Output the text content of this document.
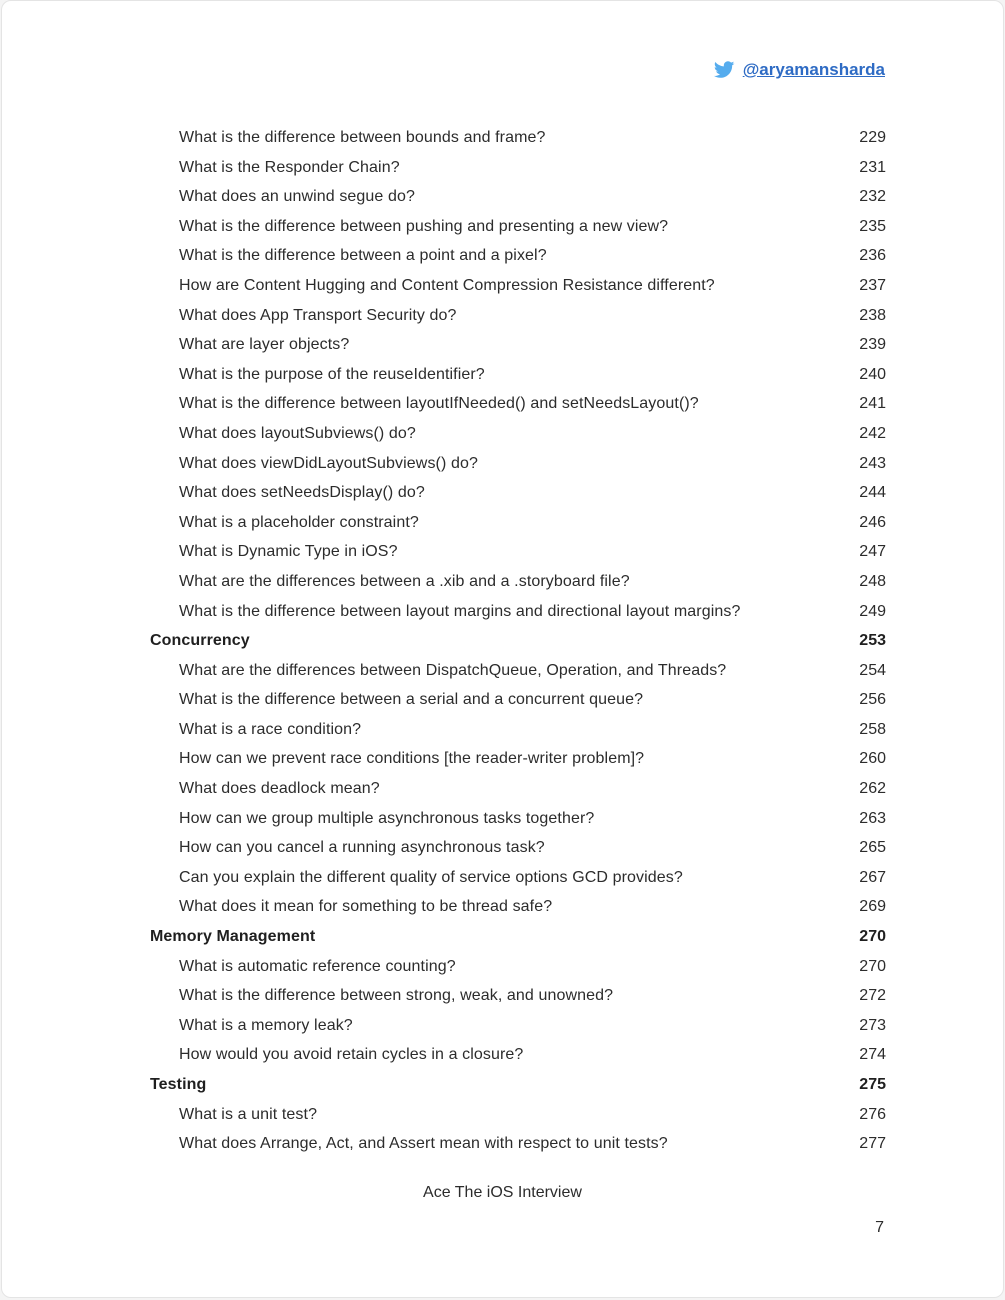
@aryamansharda
What is the difference between bounds and frame?	229
What is the Responder Chain?	231
What does an unwind segue do?	232
What is the difference between pushing and presenting a new view?	235
What is the difference between a point and a pixel?	236
How are Content Hugging and Content Compression Resistance different?	237
What does App Transport Security do?	238
What are layer objects?	239
What is the purpose of the reuseIdentifier?	240
What is the difference between layoutIfNeeded() and setNeedsLayout()?	241
What does layoutSubviews() do?	242
What does viewDidLayoutSubviews() do?	243
What does setNeedsDisplay() do?	244
What is a placeholder constraint?	246
What is Dynamic Type in iOS?	247
What are the differences between a .xib and a .storyboard file?	248
What is the difference between layout margins and directional layout margins?	249
Concurrency	253
What are the differences between DispatchQueue, Operation, and Threads?	254
What is the difference between a serial and a concurrent queue?	256
What is a race condition?	258
How can we prevent race conditions [the reader-writer problem]?	260
What does deadlock mean?	262
How can we group multiple asynchronous tasks together?	263
How can you cancel a running asynchronous task?	265
Can you explain the different quality of service options GCD provides?	267
What does it mean for something to be thread safe?	269
Memory Management	270
What is automatic reference counting?	270
What is the difference between strong, weak, and unowned?	272
What is a memory leak?	273
How would you avoid retain cycles in a closure?	274
Testing	275
What is a unit test?	276
What does Arrange, Act, and Assert mean with respect to unit tests?	277
Ace The iOS Interview
7
